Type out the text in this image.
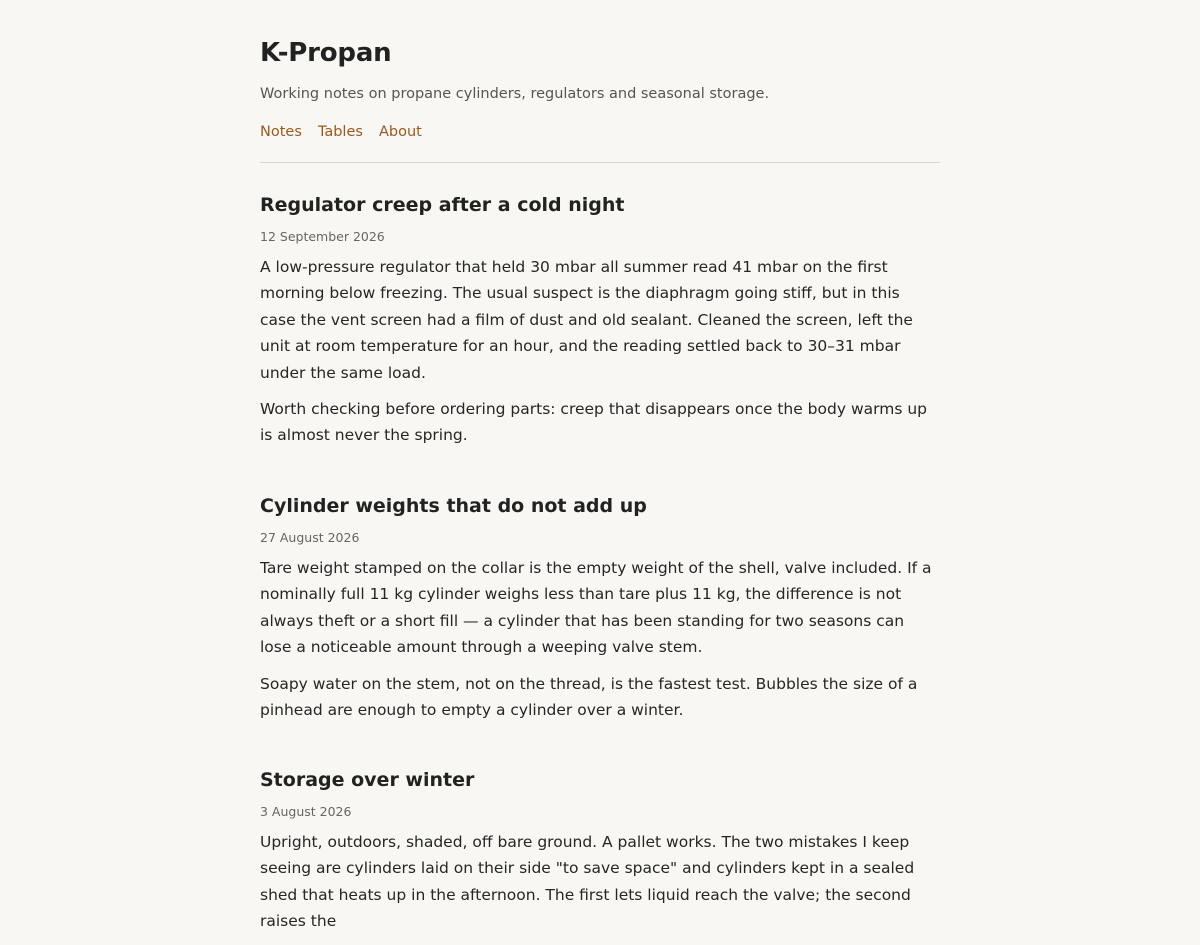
K-Propan
Working notes on propane cylinders, regulators and seasonal storage.
Notes Tables About
Regulator creep after a cold night
12 September 2026

A low-pressure regulator that held 30 mbar all summer read 41 mbar on the first morning below freezing. The usual suspect is the diaphragm going stiff, but in this case the vent screen had a film of dust and old sealant. Cleaned the screen, left the unit at room temperature for an hour, and the reading settled back to 30–31 mbar under the same load.

Worth checking before ordering parts: creep that disappears once the body warms up is almost never the spring.

Cylinder weights that do not add up
27 August 2026

Tare weight stamped on the collar is the empty weight of the shell, valve included. If a nominally full 11 kg cylinder weighs less than tare plus 11 kg, the difference is not always theft or a short fill — a cylinder that has been standing for two seasons can lose a noticeable amount through a weeping valve stem.

Soapy water on the stem, not on the thread, is the fastest test. Bubbles the size of a pinhead are enough to empty a cylinder over a winter.

Storage over winter
3 August 2026

Upright, outdoors, shaded, off bare ground. A pallet works. The two mistakes I keep seeing are cylinders laid on their side "to save space" and cylinders kept in a sealed shed that heats up in the afternoon. The first lets liquid reach the valve; the second raises the
